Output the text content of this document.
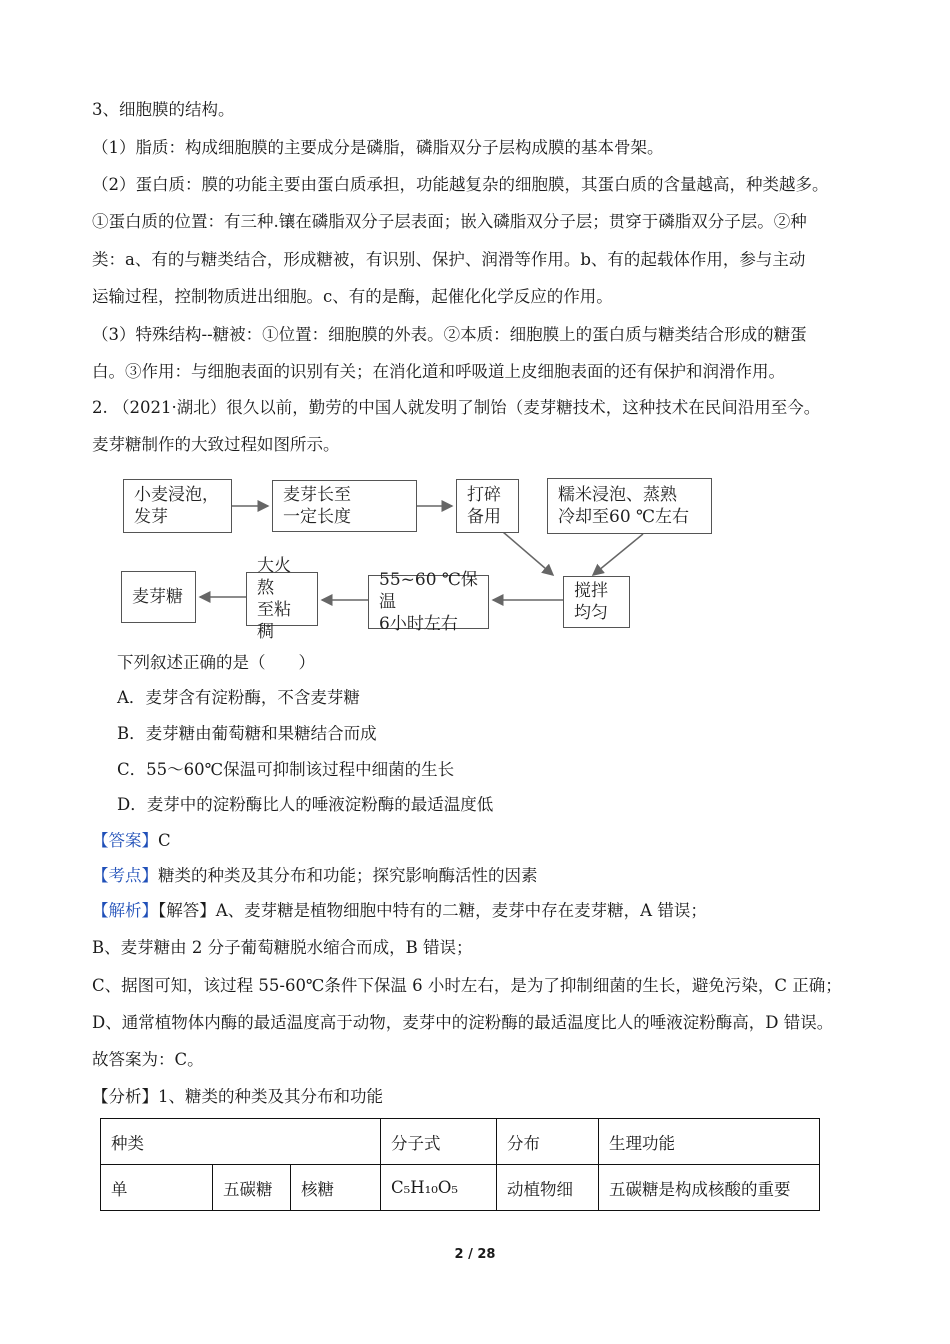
3、细胞膜的结构。
（1）脂质：构成细胞膜的主要成分是磷脂，磷脂双分子层构成膜的基本骨架。
（2）蛋白质：膜的功能主要由蛋白质承担，功能越复杂的细胞膜，其蛋白质的含量越高，种类越多。
①蛋白质的位置：有三种.镶在磷脂双分子层表面；嵌入磷脂双分子层；贯穿于磷脂双分子层。②种
类：a、有的与糖类结合，形成糖被，有识别、保护、润滑等作用。b、有的起载体作用，参与主动
运输过程，控制物质进出细胞。c、有的是酶，起催化化学反应的作用。
（3）特殊结构--糖被：①位置：细胞膜的外表。②本质：细胞膜上的蛋白质与糖类结合形成的糖蛋
白。③作用：与细胞表面的识别有关；在消化道和呼吸道上皮细胞表面的还有保护和润滑作用。
2. （2021·湖北）很久以前，勤劳的中国人就发明了制饴（麦芽糖技术，这种技术在民间沿用至今。
麦芽糖制作的大致过程如图所示。
小麦浸泡，
发芽
麦芽长至
一定长度
打碎
备用
糯米浸泡、蒸熟
冷却至60 ℃左右
搅拌
均匀
55~60 ℃保温
6小时左右
大火熬
至粘稠
麦芽糖
下列叙述正确的是（　　）
A．麦芽含有淀粉酶，不含麦芽糖
B．麦芽糖由葡萄糖和果糖结合而成
C．55～60℃保温可抑制该过程中细菌的生长
D．麦芽中的淀粉酶比人的唾液淀粉酶的最适温度低
【答案】C
【考点】糖类的种类及其分布和功能；探究影响酶活性的因素
【解析】【解答】A、麦芽糖是植物细胞中特有的二糖，麦芽中存在麦芽糖，A 错误；
B、麦芽糖由 2 分子葡萄糖脱水缩合而成，B 错误；
C、据图可知，该过程 55-60℃条件下保温 6 小时左右，是为了抑制细菌的生长，避免污染，C 正确；
D、通常植物体内酶的最适温度高于动物，麦芽中的淀粉酶的最适温度比人的唾液淀粉酶高，D 错误。
故答案为：C。
【分析】1、糖类的种类及其分布和功能
种类			分子式	分布	生理功能
单	五碳糖	核糖	C₅H₁₀O₅	动植物细	五碳糖是构成核酸的重要
2 / 28
